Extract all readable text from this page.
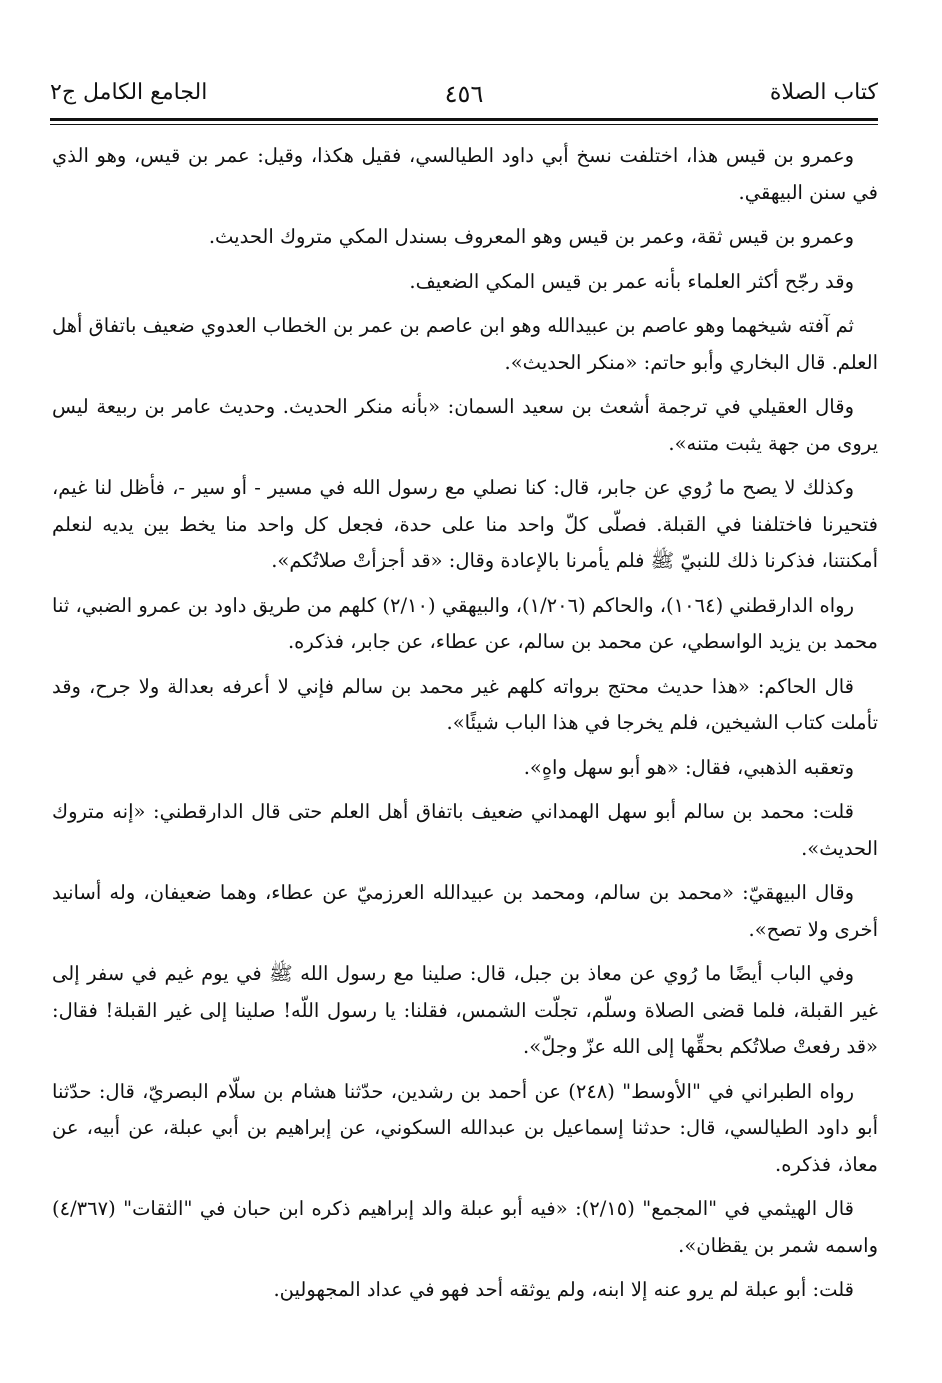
كتاب الصلاة
٤٥٦
الجامع الكامل ج٢

وعمرو بن قيس هذا، اختلفت نسخ أبي داود الطيالسي، فقيل هكذا، وقيل: عمر بن قيس، وهو الذي في سنن البيهقي.

وعمرو بن قيس ثقة، وعمر بن قيس وهو المعروف بسندل المكي متروك الحديث.

وقد رجّح أكثر العلماء بأنه عمر بن قيس المكي الضعيف.

ثم آفته شيخهما وهو عاصم بن عبيدالله وهو ابن عاصم بن عمر بن الخطاب العدوي ضعيف باتفاق أهل العلم. قال البخاري وأبو حاتم: «منكر الحديث».

وقال العقيلي في ترجمة أشعث بن سعيد السمان: «بأنه منكر الحديث. وحديث عامر بن ربيعة ليس يروى من جهة يثبت متنه».

وكذلك لا يصح ما رُوي عن جابر، قال: كنا نصلي مع رسول الله في مسير - أو سير -، فأظل لنا غيم، فتحيرنا فاختلفنا في القبلة. فصلّى كلّ واحد منا على حدة، فجعل كل واحد منا يخط بين يديه لنعلم أمكنتنا، فذكرنا ذلك للنبيّ ﷺ فلم يأمرنا بالإعادة وقال: «قد أجزأتْ صلاتُكم».

رواه الدارقطني (١٠٦٤)، والحاكم (١/٢٠٦)، والبيهقي (٢/١٠) كلهم من طريق داود بن عمرو الضبي، ثنا محمد بن يزيد الواسطي، عن محمد بن سالم، عن عطاء، عن جابر، فذكره.

قال الحاكم: «هذا حديث محتج برواته كلهم غير محمد بن سالم فإني لا أعرفه بعدالة ولا جرح، وقد تأملت كتاب الشيخين، فلم يخرجا في هذا الباب شيئًا».

وتعقبه الذهبي، فقال: «هو أبو سهل واهٍ».

قلت: محمد بن سالم أبو سهل الهمداني ضعيف باتفاق أهل العلم حتى قال الدارقطني: «إنه متروك الحديث».

وقال البيهقيّ: «محمد بن سالم، ومحمد بن عبيدالله العرزميّ عن عطاء، وهما ضعيفان، وله أسانيد أخرى ولا تصح».

وفي الباب أيضًا ما رُوي عن معاذ بن جبل، قال: صلينا مع رسول الله ﷺ في يوم غيم في سفر إلى غير القبلة، فلما قضى الصلاة وسلّم، تجلّت الشمس، فقلنا: يا رسول اللّه! صلينا إلى غير القبلة! فقال: «قد رفعتْ صلاتُكم بحقِّها إلى الله عزّ وجلّ».

رواه الطبراني في "الأوسط" (٢٤٨) عن أحمد بن رشدين، حدّثنا هشام بن سلّام البصريّ، قال: حدّثنا أبو داود الطيالسي، قال: حدثنا إسماعيل بن عبدالله السكوني، عن إبراهيم بن أبي عبلة، عن أبيه، عن معاذ، فذكره.

قال الهيثمي في "المجمع" (٢/١٥): «فيه أبو عبلة والد إبراهيم ذكره ابن حبان في "الثقات" (٤/٣٦٧) واسمه شمر بن يقظان».

قلت: أبو عبلة لم يرو عنه إلا ابنه، ولم يوثقه أحد فهو في عداد المجهولين.
